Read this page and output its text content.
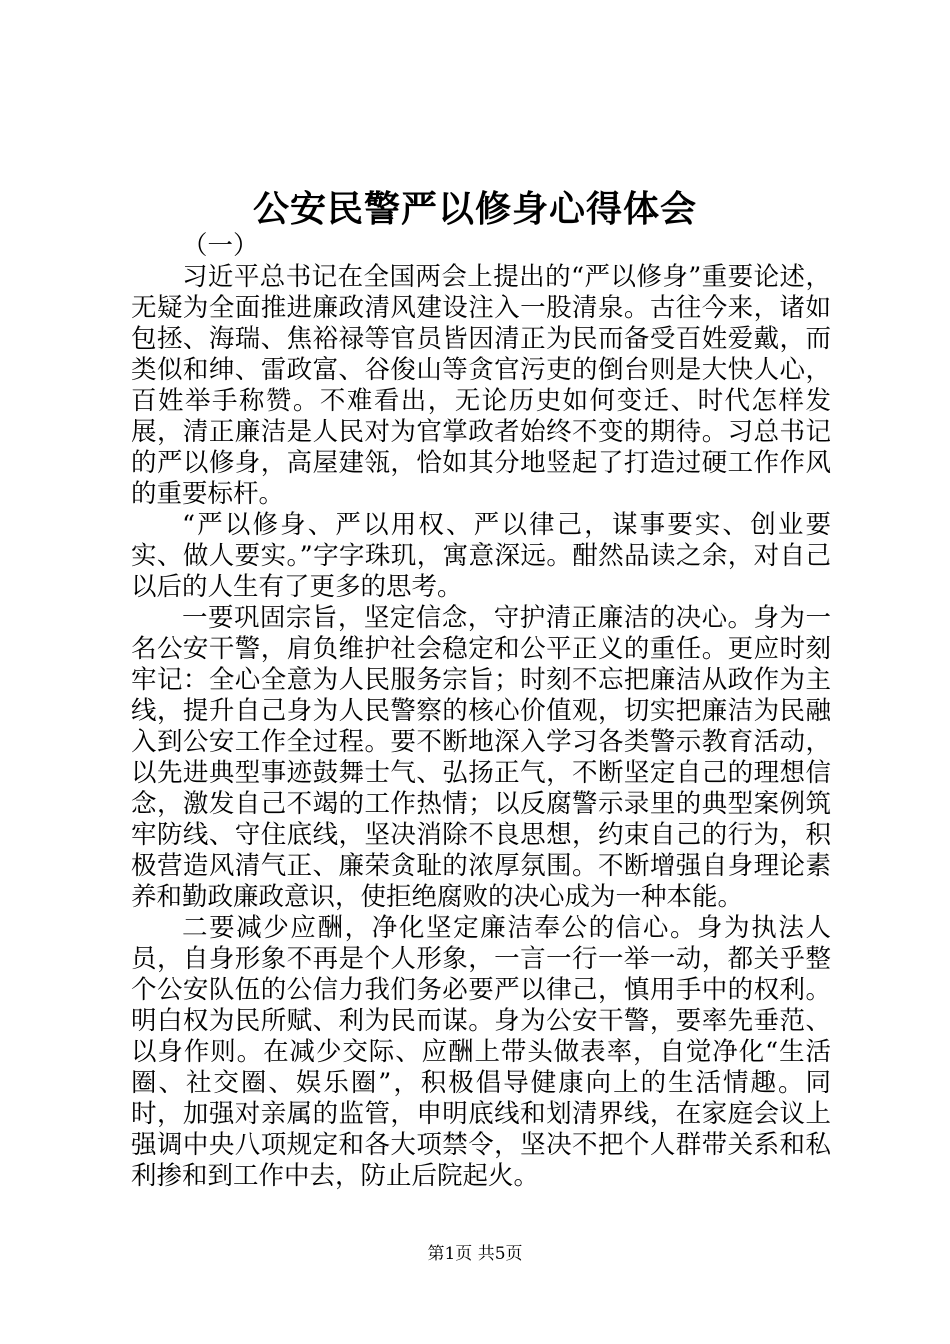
公安民警严以修身心得体会

（一）

习近平总书记在全国两会上提出的“严以修身”重要论述，无疑为全面推进廉政清风建设注入一股清泉。古往今来，诸如包拯、海瑞、焦裕禄等官员皆因清正为民而备受百姓爱戴，而类似和绅、雷政富、谷俊山等贪官污吏的倒台则是大快人心，百姓举手称赞。不难看出，无论历史如何变迁、时代怎样发展，清正廉洁是人民对为官掌政者始终不变的期待。习总书记的严以修身，高屋建瓴，恰如其分地竖起了打造过硬工作作风的重要标杆。

“严以修身、严以用权、严以律己，谋事要实、创业要实、做人要实。”字字珠玑，寓意深远。酣然品读之余，对自己以后的人生有了更多的思考。

一要巩固宗旨，坚定信念，守护清正廉洁的决心。身为一名公安干警，肩负维护社会稳定和公平正义的重任。更应时刻牢记：全心全意为人民服务宗旨；时刻不忘把廉洁从政作为主线，提升自己身为人民警察的核心价值观，切实把廉洁为民融入到公安工作全过程。要不断地深入学习各类警示教育活动，以先进典型事迹鼓舞士气、弘扬正气，不断坚定自己的理想信念，激发自己不竭的工作热情；以反腐警示录里的典型案例筑牢防线、守住底线，坚决消除不良思想，约束自己的行为，积极营造风清气正、廉荣贪耻的浓厚氛围。不断增强自身理论素养和勤政廉政意识，使拒绝腐败的决心成为一种本能。

二要减少应酬，净化坚定廉洁奉公的信心。身为执法人员，自身形象不再是个人形象，一言一行一举一动，都关乎整个公安队伍的公信力我们务必要严以律己，慎用手中的权利。明白权为民所赋、利为民而谋。身为公安干警，要率先垂范、以身作则。在减少交际、应酬上带头做表率，自觉净化“生活圈、社交圈、娱乐圈”，积极倡导健康向上的生活情趣。同时，加强对亲属的监管，申明底线和划清界线，在家庭会议上强调中央八项规定和各大项禁令，坚决不把个人群带关系和私利掺和到工作中去，防止后院起火。

第1页 共5页
